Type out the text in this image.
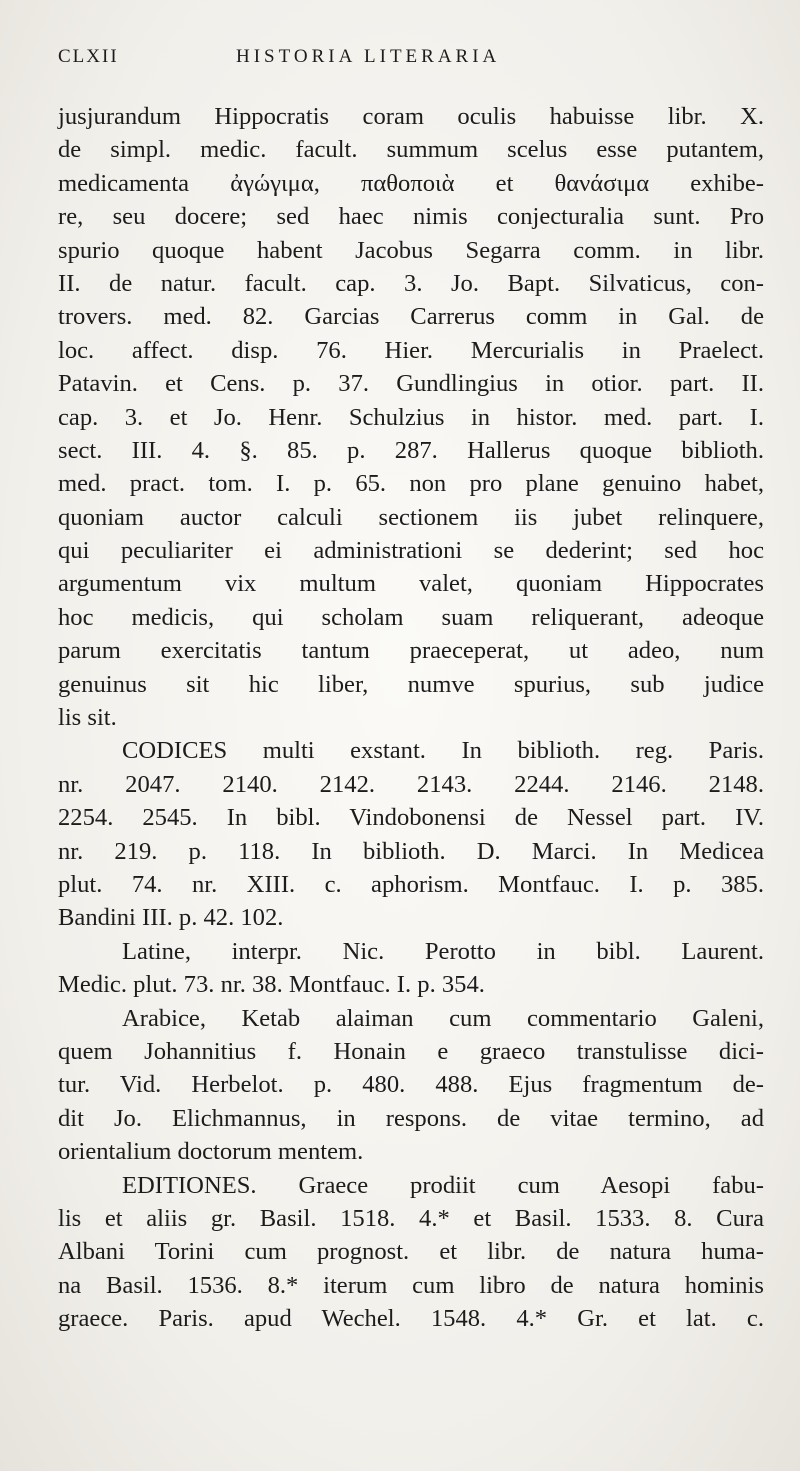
CLXII	HISTORIA LITERARIA
jusjurandum Hippocratis coram oculis habuisse libr. X.
de simpl. medic. facult. summum scelus esse putantem,
medicamenta ἀγώγιμα, παθοποιὰ et θανάσιμα exhibe-
re, seu docere; sed haec nimis conjecturalia sunt. Pro
spurio quoque habent Jacobus Segarra comm. in libr.
II. de natur. facult. cap. 3. Jo. Bapt. Silvaticus, con-
trovers. med. 82. Garcias Carrerus comm in Gal. de
loc. affect. disp. 76. Hier. Mercurialis in Praelect.
Patavin. et Cens. p. 37. Gundlingius in otior. part. II.
cap. 3. et Jo. Henr. Schulzius in histor. med. part. I.
sect. III. 4. §. 85. p. 287. Hallerus quoque biblioth.
med. pract. tom. I. p. 65. non pro plane genuino habet,
quoniam auctor calculi sectionem iis jubet relinquere,
qui peculiariter ei administrationi se dederint; sed hoc
argumentum vix multum valet, quoniam Hippocrates
hoc medicis, qui scholam suam reliquerant, adeoque
parum exercitatis tantum praeceperat, ut adeo, num
genuinus sit hic liber, numve spurius, sub judice
lis sit.
CODICES multi exstant. In biblioth. reg. Paris.
nr. 2047. 2140. 2142. 2143. 2244. 2146. 2148.
2254. 2545. In bibl. Vindobonensi de Nessel part. IV.
nr. 219. p. 118. In biblioth. D. Marci. In Medicea
plut. 74. nr. XIII. c. aphorism. Montfauc. I. p. 385.
Bandini III. p. 42. 102.
Latine, interpr. Nic. Perotto in bibl. Laurent.
Medic. plut. 73. nr. 38. Montfauc. I. p. 354.
Arabice, Ketab alaiman cum commentario Galeni,
quem Johannitius f. Honain e graeco transtulisse dici-
tur. Vid. Herbelot. p. 480. 488. Ejus fragmentum de-
dit Jo. Elichmannus, in respons. de vitae termino, ad
orientalium doctorum mentem.
EDITIONES. Graece prodiit cum Aesopi fabu-
lis et aliis gr. Basil. 1518. 4.* et Basil. 1533. 8. Cura
Albani Torini cum prognost. et libr. de natura huma-
na Basil. 1536. 8.* iterum cum libro de natura hominis
graece. Paris. apud Wechel. 1548. 4.* Gr. et lat. c.
